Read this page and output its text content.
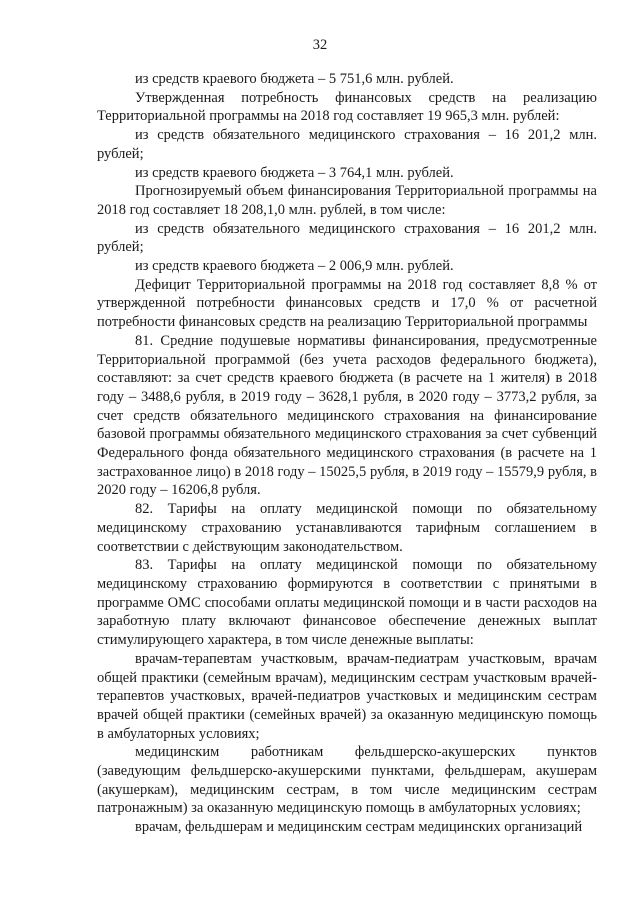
32

из средств краевого бюджета – 5 751,6 млн. рублей.

Утвержденная потребность финансовых средств на реализацию Территориальной программы на 2018 год составляет 19 965,3 млн. рублей:

из средств обязательного медицинского страхования – 16 201,2 млн. рублей;

из средств краевого бюджета – 3 764,1 млн. рублей.

Прогнозируемый объем финансирования Территориальной программы на 2018 год составляет 18 208,1,0 млн. рублей, в том числе:

из средств обязательного медицинского страхования – 16 201,2 млн. рублей;

из средств краевого бюджета – 2 006,9 млн. рублей.

Дефицит Территориальной программы на 2018 год составляет 8,8 % от утвержденной потребности финансовых средств и 17,0 % от расчетной потребности финансовых средств на реализацию Территориальной программы

81. Средние подушевые нормативы финансирования, предусмотренные Территориальной программой (без учета расходов федерального бюджета), составляют: за счет средств краевого бюджета (в расчете на 1 жителя) в 2018 году – 3488,6 рубля, в 2019 году – 3628,1 рубля, в 2020 году – 3773,2 рубля, за счет средств обязательного медицинского страхования на финансирование базовой программы обязательного медицинского страхования за счет субвенций Федерального фонда обязательного медицинского страхования (в расчете на 1 застрахованное лицо) в 2018 году – 15025,5 рубля, в 2019 году – 15579,9 рубля, в 2020 году – 16206,8 рубля.

82. Тарифы на оплату медицинской помощи по обязательному медицинскому страхованию устанавливаются тарифным соглашением в соответствии с действующим законодательством.

83. Тарифы на оплату медицинской помощи по обязательному медицинскому страхованию формируются в соответствии с принятыми в программе ОМС способами оплаты медицинской помощи и в части расходов на заработную плату включают финансовое обеспечение денежных выплат стимулирующего характера, в том числе денежные выплаты:

врачам-терапевтам участковым, врачам-педиатрам участковым, врачам общей практики (семейным врачам), медицинским сестрам участковым врачей-терапевтов участковых, врачей-педиатров участковых и медицинским сестрам врачей общей практики (семейных врачей) за оказанную медицинскую помощь в амбулаторных условиях;

медицинским работникам фельдшерско-акушерских пунктов (заведующим фельдшерско-акушерскими пунктами, фельдшерам, акушерам (акушеркам), медицинским сестрам, в том числе медицинским сестрам патронажным) за оказанную медицинскую помощь в амбулаторных условиях;

врачам, фельдшерам и медицинским сестрам медицинских организаций
